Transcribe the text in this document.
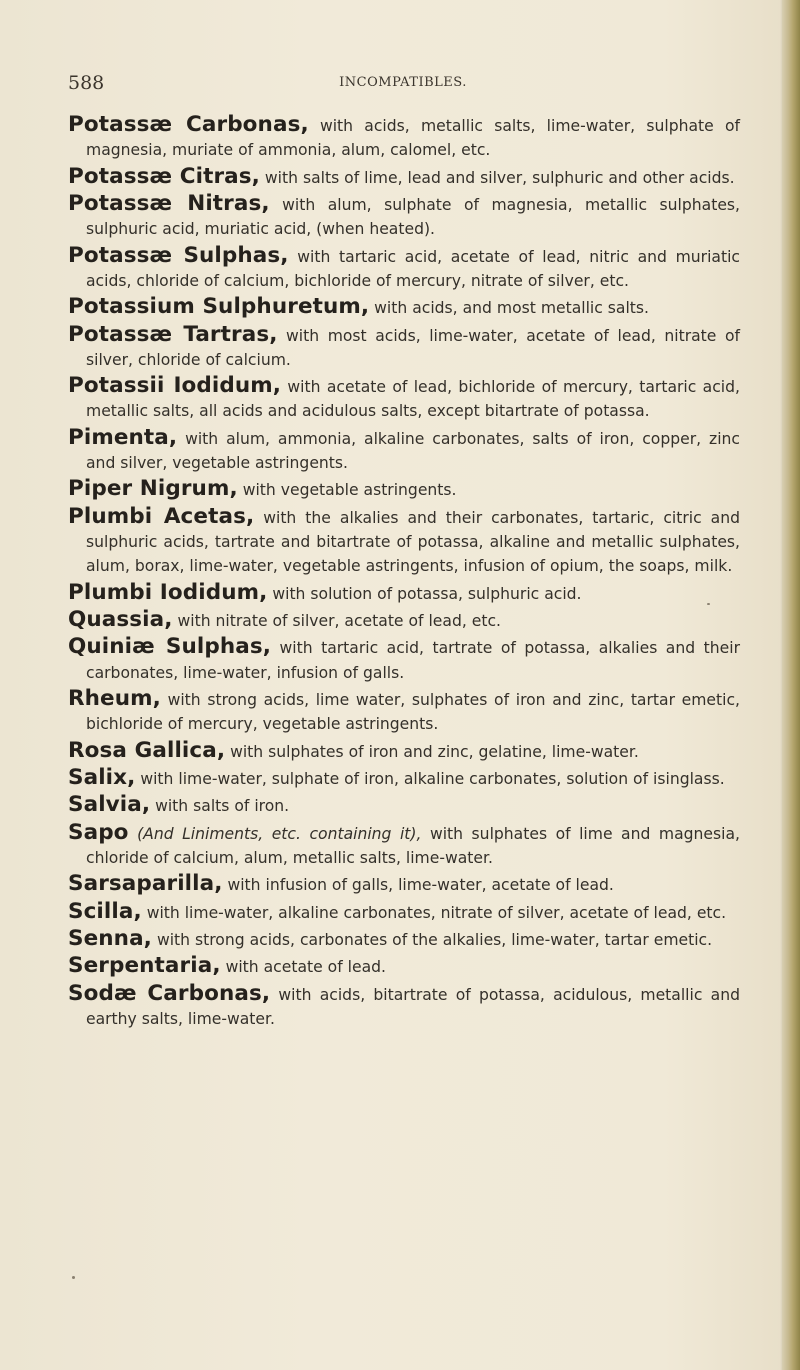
588	INCOMPATIBLES.

Potassæ Carbonas, with acids, metallic salts, lime-water, sulphate of magnesia, muriate of ammonia, alum, calomel, etc.

Potassæ Citras, with salts of lime, lead and silver, sulphuric and other acids.

Potassæ Nitras, with alum, sulphate of magnesia, metallic sulphates, sulphuric acid, muriatic acid, (when heated).

Potassæ Sulphas, with tartaric acid, acetate of lead, nitric and muriatic acids, chloride of calcium, bichloride of mercury, nitrate of silver, etc.

Potassium Sulphuretum, with acids, and most metallic salts.

Potassæ Tartras, with most acids, lime-water, acetate of lead, nitrate of silver, chloride of calcium.

Potassii Iodidum, with acetate of lead, bichloride of mercury, tartaric acid, metallic salts, all acids and acidulous salts, except bitartrate of potassa.

Pimenta, with alum, ammonia, alkaline carbonates, salts of iron, copper, zinc and silver, vegetable astringents.

Piper Nigrum, with vegetable astringents.

Plumbi Acetas, with the alkalies and their carbonates, tartaric, citric and sulphuric acids, tartrate and bitartrate of potassa, alkaline and metallic sulphates, alum, borax, lime-water, vegetable astringents, infusion of opium, the soaps, milk.

Plumbi Iodidum, with solution of potassa, sulphuric acid.

Quassia, with nitrate of silver, acetate of lead, etc.

Quiniæ Sulphas, with tartaric acid, tartrate of potassa, alkalies and their carbonates, lime-water, infusion of galls.

Rheum, with strong acids, lime water, sulphates of iron and zinc, tartar emetic, bichloride of mercury, vegetable astringents.

Rosa Gallica, with sulphates of iron and zinc, gelatine, lime-water.

Salix, with lime-water, sulphate of iron, alkaline carbonates, solution of isinglass.

Salvia, with salts of iron.

Sapo (And Liniments, etc. containing it), with sulphates of lime and magnesia, chloride of calcium, alum, metallic salts, lime-water.

Sarsaparilla, with infusion of galls, lime-water, acetate of lead.

Scilla, with lime-water, alkaline carbonates, nitrate of silver, acetate of lead, etc.

Senna, with strong acids, carbonates of the alkalies, lime-water, tartar emetic.

Serpentaria, with acetate of lead.

Sodæ Carbonas, with acids, bitartrate of potassa, acidulous, metallic and earthy salts, lime-water.
